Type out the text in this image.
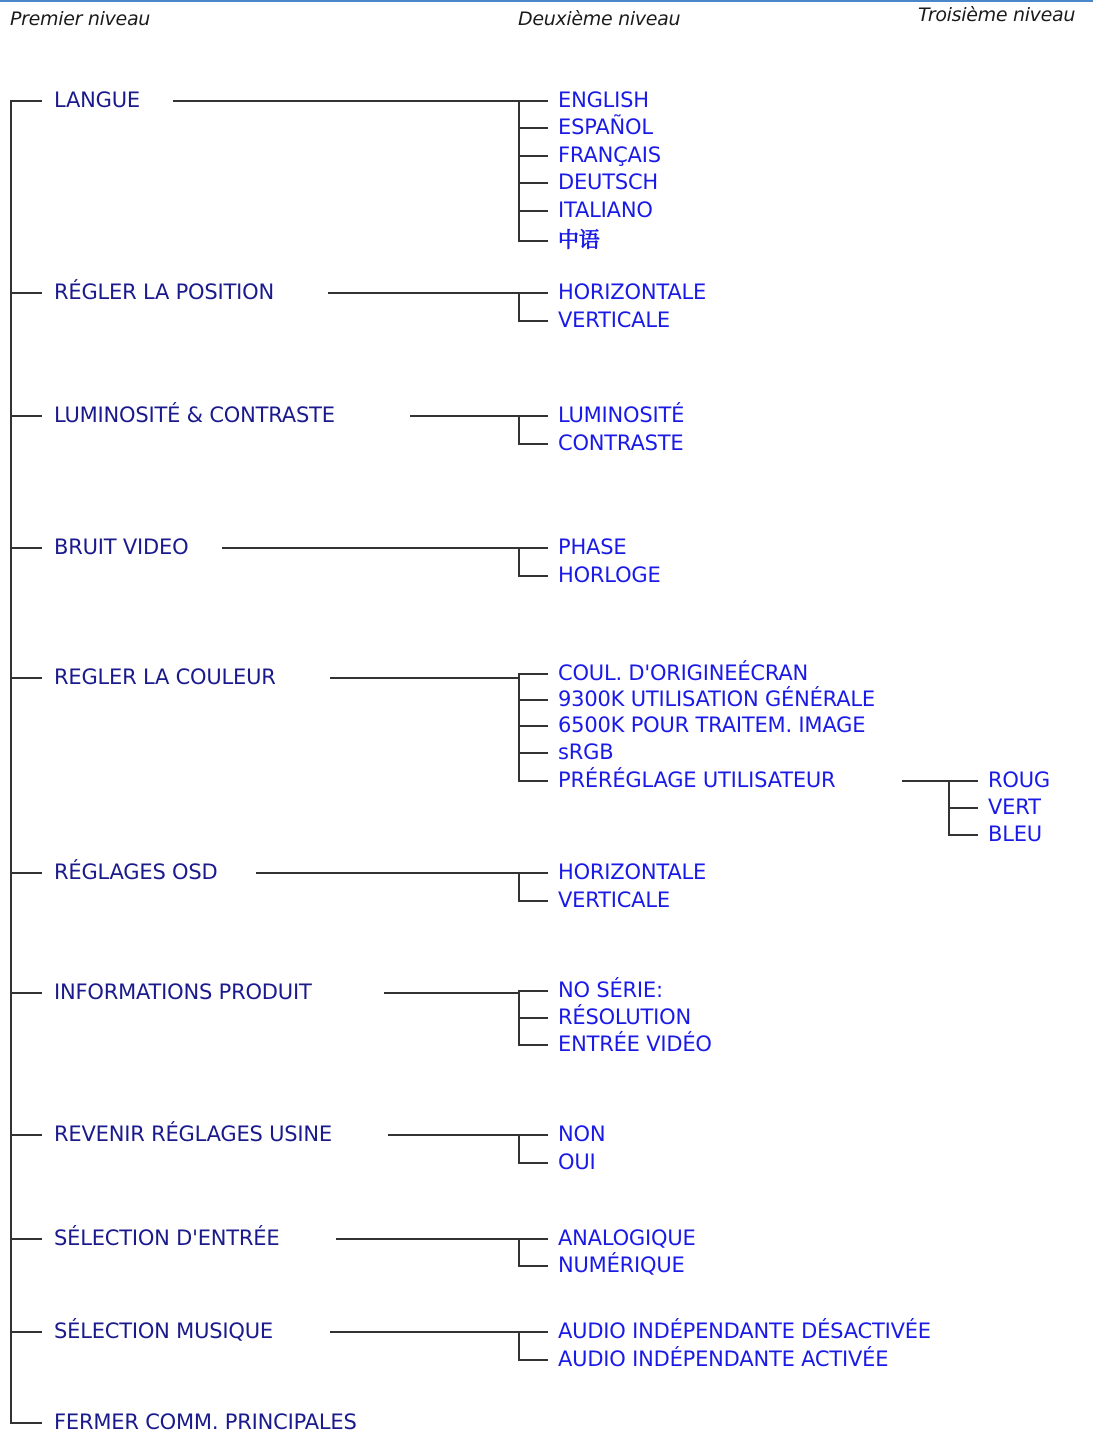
Premier niveau	Deuxième niveau	Troisième niveau
LANGUE	ENGLISH
ESPAÑOL
FRANÇAIS
DEUTSCH
ITALIANO
中语
RÉGLER LA POSITION	HORIZONTALE
VERTICALE
LUMINOSITÉ & CONTRASTE	LUMINOSITÉ
CONTRASTE
BRUIT VIDEO	PHASE
HORLOGE
REGLER LA COULEUR	COUL. D'ORIGINEÉCRAN
9300K UTILISATION GÉNÉRALE
6500K POUR TRAITEM. IMAGE
sRGB
PRÉRÉGLAGE UTILISATEUR	ROUG
VERT
BLEU
RÉGLAGES OSD	HORIZONTALE
VERTICALE
INFORMATIONS PRODUIT	NO SÉRIE:
RÉSOLUTION
ENTRÉE VIDÉO
REVENIR RÉGLAGES USINE	NON
OUI
SÉLECTION D'ENTRÉE	ANALOGIQUE
NUMÉRIQUE
SÉLECTION MUSIQUE	AUDIO INDÉPENDANTE DÉSACTIVÉE
AUDIO INDÉPENDANTE ACTIVÉE
FERMER COMM. PRINCIPALES
